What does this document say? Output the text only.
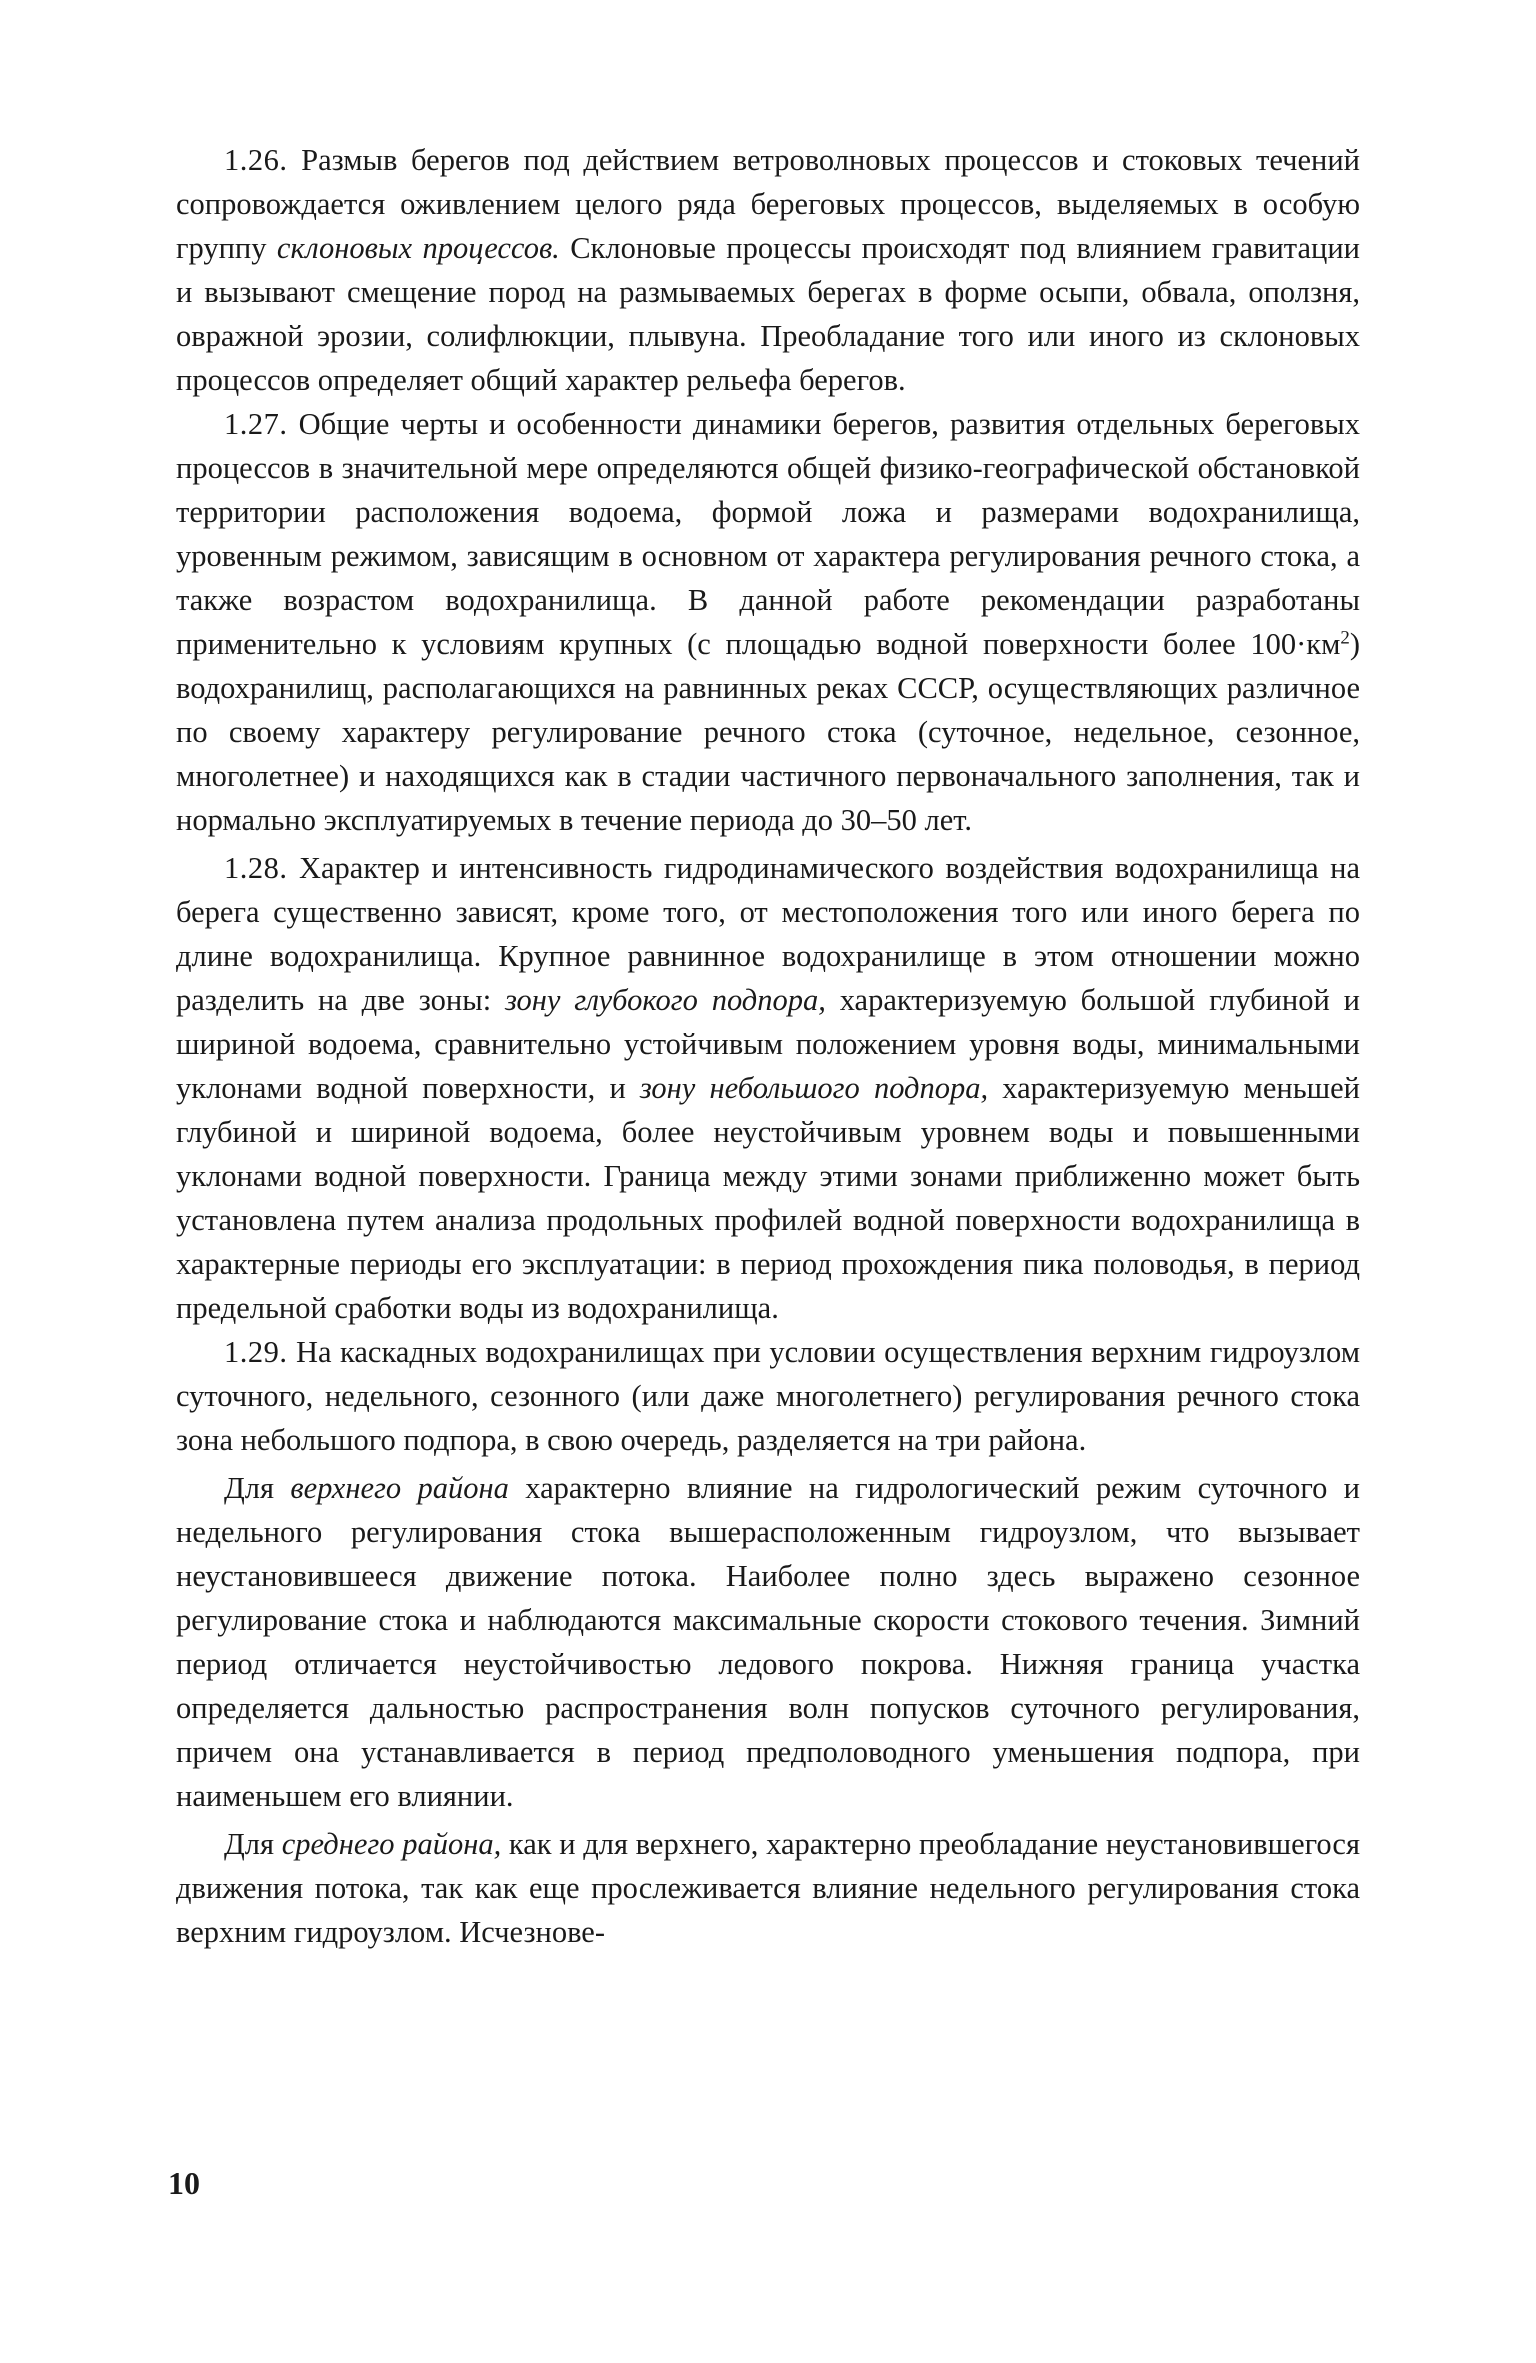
1.26. Размыв берегов под действием ветроволновых процессов и стоковых течений сопровождается оживлением целого ряда береговых процессов, выделяемых в особую группу склоновых процессов. Склоновые процессы происходят под влиянием гравитации и вызывают смещение пород на размываемых берегах в форме осыпи, обвала, оползня, овражной эрозии, солифлюкции, плывуна. Преобладание того или иного из склоновых процессов определяет общий характер рельефа берегов.

1.27. Общие черты и особенности динамики берегов, развития отдельных береговых процессов в значительной мере определяются общей физико-географической обстановкой территории расположения водоема, формой ложа и размерами водохранилища, уровенным режимом, зависящим в основном от характера регулирования речного стока, а также возрастом водохранилища. В данной работе рекомендации разработаны применительно к условиям крупных (с площадью водной поверхности более $100\cdot км^2$) водохранилищ, располагающихся на равнинных реках СССР, осуществляющих различное по своему характеру регулирование речного стока (суточное, недельное, сезонное, многолетнее) и находящихся как в стадии частичного первоначального заполнения, так и нормально эксплуатируемых в течение периода до 30–50 лет.

1.28. Характер и интенсивность гидродинамического воздействия водохранилища на берега существенно зависят, кроме того, от местоположения того или иного берега по длине водохранилища. Крупное равнинное водохранилище в этом отношении можно разделить на две зоны: зону глубокого подпора, характеризуемую большой глубиной и шириной водоема, сравнительно устойчивым положением уровня воды, минимальными уклонами водной поверхности, и зону небольшого подпора, характеризуемую меньшей глубиной и шириной водоема, более неустойчивым уровнем воды и повышенными уклонами водной поверхности. Граница между этими зонами приближенно может быть установлена путем анализа продольных профилей водной поверхности водохранилища в характерные периоды его эксплуатации: в период прохождения пика половодья, в период предельной сработки воды из водохранилища.

1.29. На каскадных водохранилищах при условии осуществления верхним гидроузлом суточного, недельного, сезонного (или даже многолетнего) регулирования речного стока зона небольшого подпора, в свою очередь, разделяется на три района.

Для верхнего района характерно влияние на гидрологический режим суточного и недельного регулирования стока вышерасположенным гидроузлом, что вызывает неустановившееся движение потока. Наиболее полно здесь выражено сезонное регулирование стока и наблюдаются максимальные скорости стокового течения. Зимний период отличается неустойчивостью ледового покрова. Нижняя граница участка определяется дальностью распространения волн попусков суточного регулирования, причем она устанавливается в период предполоводного уменьшения подпора, при наименьшем его влиянии.

Для среднего района, как и для верхнего, характерно преобладание неустановившегося движения потока, так как еще прослеживается влияние недельного регулирования стока верхним гидроузлом. Исчезнове-

10
